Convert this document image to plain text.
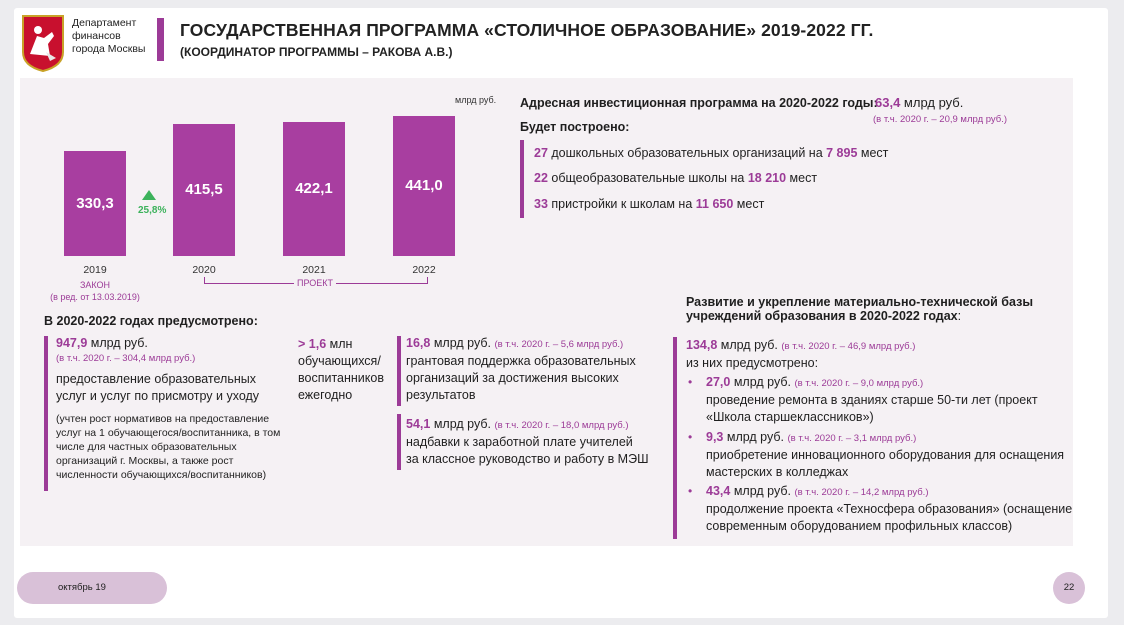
Департамент
финансов
города Москвы
ГОСУДАРСТВЕННАЯ ПРОГРАММА «СТОЛИЧНОЕ ОБРАЗОВАНИЕ» 2019-2022 ГГ.
(КООРДИНАТОР ПРОГРАММЫ – РАКОВА А.В.)
млрд руб.
330,3
415,5	422,1	441,0
2019	2020	2021	2022
25,8%
ЗАКОН
(в ред. от 13.03.2019)
ПРОЕКТ
Адресная инвестиционная программа на 2020-2022 годы:
63,4 млрд руб.
(в т.ч. 2020 г. – 20,9 млрд руб.)
Будет построено:
27 дошкольных образовательных организаций на 7 895 мест
22 общеобразовательные школы на 18 210 мест
33 пристройки к школам на 11 650 мест
В 2020-2022 годах предусмотрено:
947,9 млрд руб.
(в т.ч. 2020 г. – 304,4 млрд руб.)
предоставление образовательных
услуг и услуг по присмотру и уходу
(учтен рост нормативов на предоставление
услуг на 1 обучающегося/воспитанника, в том
числе для частных образовательных
организаций г. Москвы, а также рост
численности обучающихся/воспитанников)
> 1,6 млн
обучающихся/
воспитанников
ежегодно
16,8 млрд руб. (в т.ч. 2020 г. – 5,6 млрд руб.)
грантовая поддержка образовательных
организаций за достижения высоких
результатов
54,1 млрд руб. (в т.ч. 2020 г. – 18,0 млрд руб.)
надбавки к заработной плате учителей
за классное руководство и работу в МЭШ
Развитие и укрепление материально-технической базы
учреждений образования в 2020-2022 годах:
134,8 млрд руб. (в т.ч. 2020 г. – 46,9 млрд руб.)
из них предусмотрено:
• 27,0 млрд руб. (в т.ч. 2020 г. – 9,0 млрд руб.)
проведение ремонта в зданиях старше 50-ти лет (проект
«Школа старшеклассников»)
• 9,3 млрд руб. (в т.ч. 2020 г. – 3,1 млрд руб.)
приобретение инновационного оборудования для оснащения
мастерских в колледжах
• 43,4 млрд руб. (в т.ч. 2020 г. – 14,2 млрд руб.)
продолжение проекта «Техносфера образования» (оснащение
современным оборудованием профильных классов)
октябрь 19	22
